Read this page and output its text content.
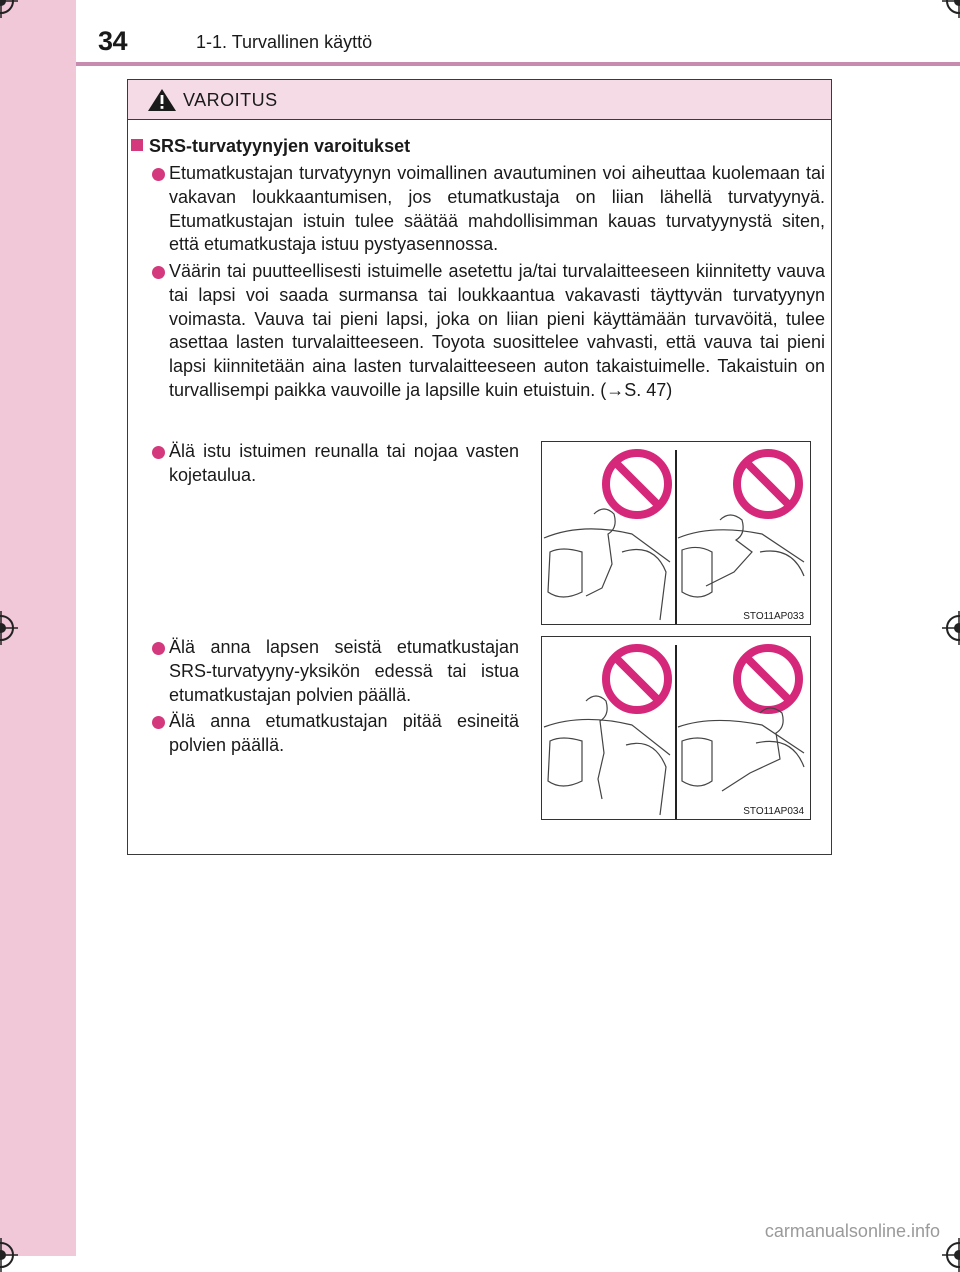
34	1-1. Turvallinen käyttö
VAROITUS
SRS-turvatyynyjen varoitukset
Etumatkustajan turvatyynyn voimallinen avautuminen voi aiheuttaa kuolemaan tai vakavan loukkaantumisen, jos etumatkustaja on liian lähellä turvatyynyä. Etumatkustajan istuin tulee säätää mahdollisimman kauas turvatyynystä siten, että etumatkustaja istuu pystyasennossa.
Väärin tai puutteellisesti istuimelle asetettu ja/tai turvalaitteeseen kiinnitetty vauva tai lapsi voi saada surmansa tai loukkaantua vakavasti täyttyvän turvatyynyn voimasta. Vauva tai pieni lapsi, joka on liian pieni käyttämään turvavöitä, tulee asettaa lasten turvalaitteeseen. Toyota suosittelee vahvasti, että vauva tai pieni lapsi kiinnitetään aina lasten turvalaitteeseen auton takaistuimelle. Takaistuin on turvallisempi paikka vauvoille ja lapsille kuin etuistuin. (→S. 47)
Älä istu istuimen reunalla tai nojaa vasten kojetaulua.
Älä anna lapsen seistä etumatkustajan SRS-turvatyyny-yksikön edessä tai istua etumatkustajan polvien päällä.
Älä anna etumatkustajan pitää esineitä polvien päällä.
STO11AP033
STO11AP034
carmanualsonline.info
